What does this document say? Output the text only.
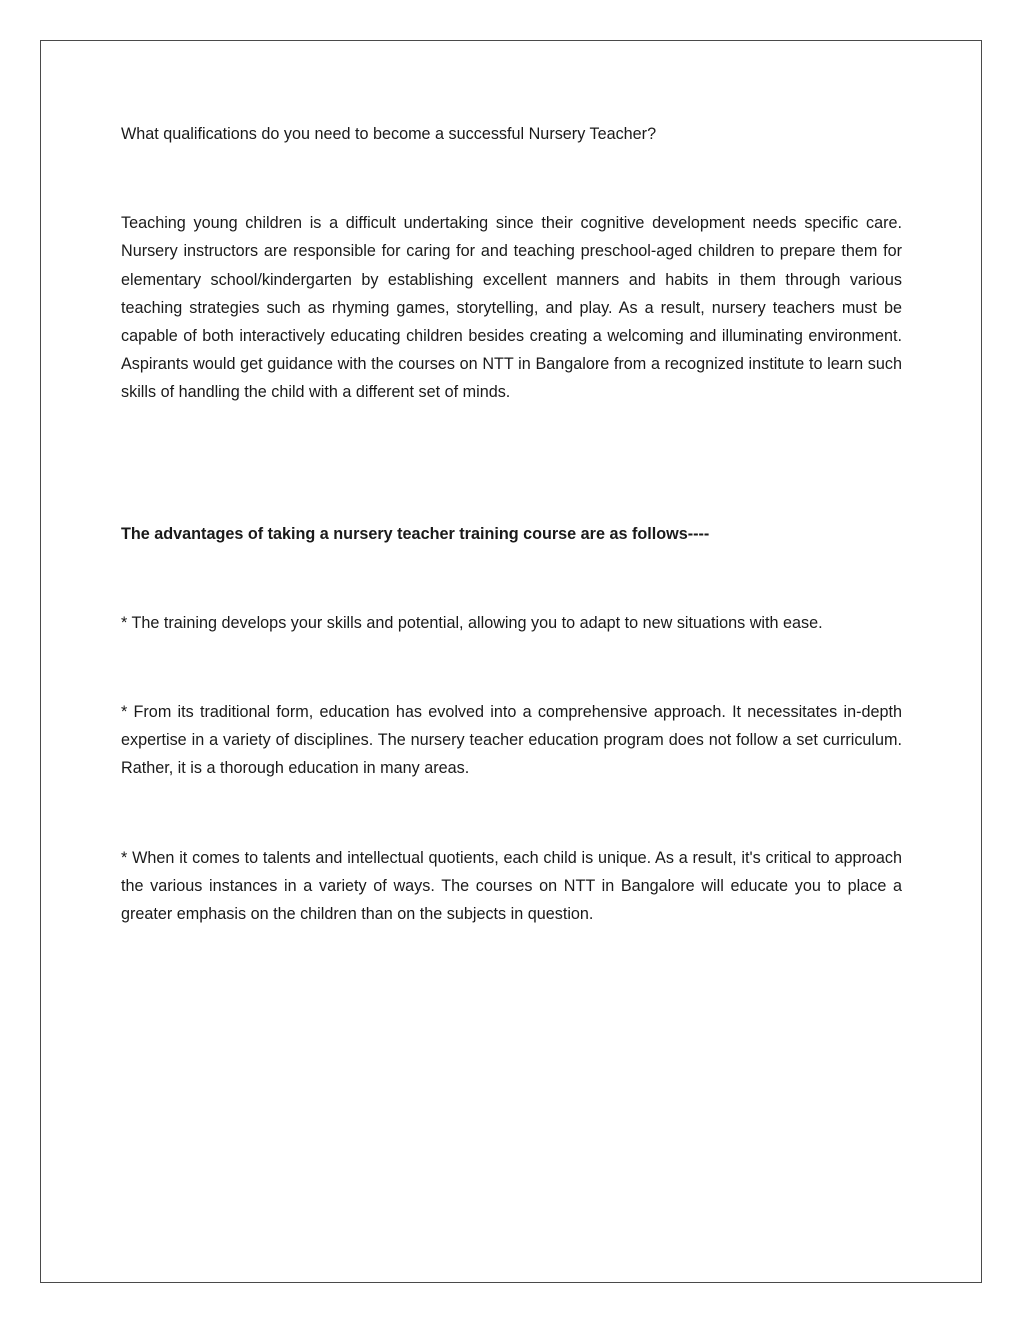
What qualifications do you need to become a successful Nursery Teacher?

Teaching young children is a difficult undertaking since their cognitive development needs specific care. Nursery instructors are responsible for caring for and teaching preschool-aged children to prepare them for elementary school/kindergarten by establishing excellent manners and habits in them through various teaching strategies such as rhyming games, storytelling, and play. As a result, nursery teachers must be capable of both interactively educating children besides creating a welcoming and illuminating environment. Aspirants would get guidance with the courses on NTT in Bangalore from a recognized institute to learn such skills of handling the child with a different set of minds.

The advantages of taking a nursery teacher training course are as follows----

* The training develops your skills and potential, allowing you to adapt to new situations with ease.

* From its traditional form, education has evolved into a comprehensive approach. It necessitates in-depth expertise in a variety of disciplines. The nursery teacher education program does not follow a set curriculum. Rather, it is a thorough education in many areas.

* When it comes to talents and intellectual quotients, each child is unique. As a result, it's critical to approach the various instances in a variety of ways. The courses on NTT in Bangalore will educate you to place a greater emphasis on the children than on the subjects in question.
